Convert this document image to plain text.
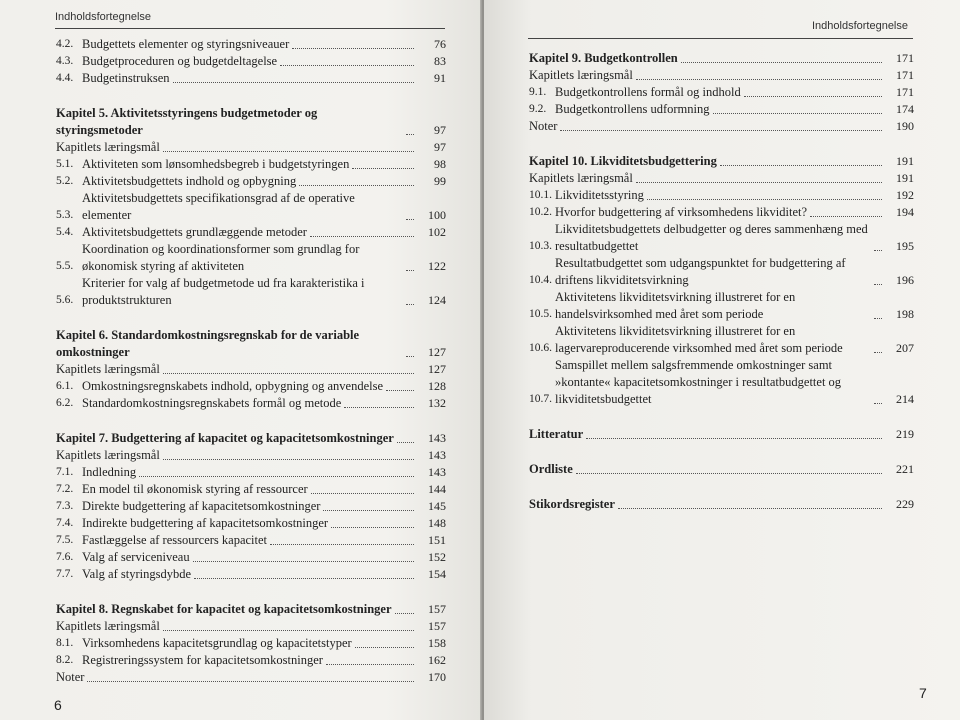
Indholdsfortegnelse
4.2. Budgettets elementer og styringsniveauer	76
4.3. Budgetproceduren og budgetdeltagelse	83
4.4. Budgetinstruksen	91
Kapitel 5. Aktivitetsstyringens budgetmetoder og styringsmetoder	97
Kapitlets læringsmål	97
5.1. Aktiviteten som lønsomhedsbegreb i budgetstyringen	98
5.2. Aktivitetsbudgettets indhold og opbygning	99
5.3.
Aktivitetsbudgettets specifikationsgrad af de operative elementer	100
5.4. Aktivitetsbudgettets grundlæggende metoder	102
5.5.
Koordination og koordinationsformer som grundlag for økonomisk styring af aktiviteten	122
5.6.
Kriterier for valg af budgetmetode ud fra karakteristika i produktstrukturen	124
Kapitel 6. Standardomkostningsregnskab for de variable omkostninger	127
Kapitlets læringsmål	127
6.1. Omkostningsregnskabets indhold, opbygning og anvendelse	128
6.2. Standardomkostningsregnskabets formål og metode	132
Kapitel 7. Budgettering af kapacitet og kapacitetsomkostninger	143
Kapitlets læringsmål	143
7.1. Indledning	143
7.2. En model til økonomisk styring af ressourcer	144
7.3. Direkte budgettering af kapacitetsomkostninger	145
7.4. Indirekte budgettering af kapacitetsomkostninger	148
7.5. Fastlæggelse af ressourcers kapacitet	151
7.6. Valg af serviceniveau	152
7.7. Valg af styringsdybde	154
Kapitel 8. Regnskabet for kapacitet og kapacitetsomkostninger	157
Kapitlets læringsmål	157
8.1. Virksomhedens kapacitetsgrundlag og kapacitetstyper	158
8.2. Registreringssystem for kapacitetsomkostninger	162
Noter	170
6
Indholdsfortegnelse
Kapitel 9. Budgetkontrollen	171
Kapitlets læringsmål	171
9.1. Budgetkontrollens formål og indhold	171
9.2. Budgetkontrollens udformning	174
Noter	190
Kapitel 10. Likviditetsbudgettering	191
Kapitlets læringsmål	191
10.1. Likviditetsstyring	192
10.2. Hvorfor budgettering af virksomhedens likviditet?	194
10.3.
Likviditetsbudgettets delbudgetter og deres sammenhæng med resultatbudgettet	195
10.4.
Resultatbudgettet som udgangspunktet for budgettering af driftens likviditetsvirkning	196
10.5.
Aktivitetens likviditetsvirkning illustreret for en handelsvirksomhed med året som periode	198
10.6.
Aktivitetens likviditetsvirkning illustreret for en lagervareproducerende virksomhed med året som periode	207
10.7.
Samspillet mellem salgsfremmende omkostninger samt »kontante« kapacitetsomkostninger i resultatbudgettet og likviditetsbudgettet	214
Litteratur	219
Ordliste	221
Stikordsregister	229
7
